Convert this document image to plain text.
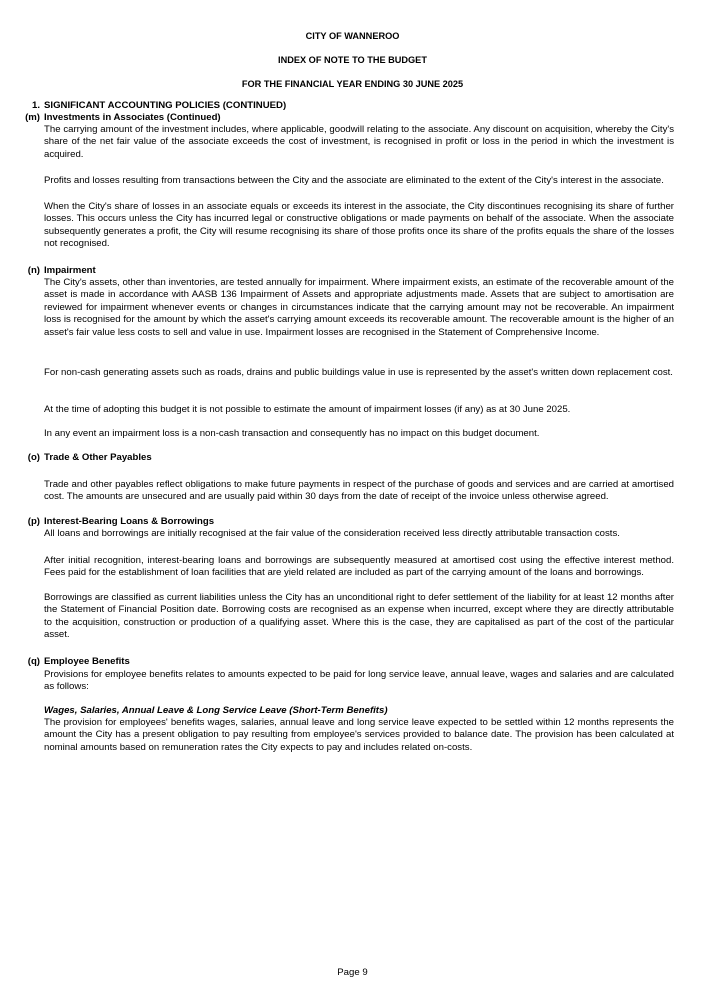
CITY OF WANNEROO
INDEX OF NOTE TO THE BUDGET
FOR THE FINANCIAL YEAR ENDING 30 JUNE 2025
1. SIGNIFICANT ACCOUNTING POLICIES (CONTINUED)
(m) Investments in Associates (Continued)
The carrying amount of the investment includes, where applicable, goodwill relating to the associate. Any discount on acquisition, whereby the City's share of the net fair value of the associate exceeds the cost of investment, is recognised in profit or loss in the period in which the investment is acquired.
Profits and losses resulting from transactions between the City and the associate are eliminated to the extent of the City's interest in the associate.
When the City's share of losses in an associate equals or exceeds its interest in the associate, the City discontinues recognising its share of further losses. This occurs unless the City has incurred legal or constructive obligations or made payments on behalf of the associate. When the associate subsequently generates a profit, the City will resume recognising its share of those profits once its share of the profits equals the share of the losses not recognised.
(n) Impairment
The City's assets, other than inventories, are tested annually for impairment. Where impairment exists, an estimate of the recoverable amount of the asset is made in accordance with AASB 136 Impairment of Assets and appropriate adjustments made. Assets that are subject to amortisation are reviewed for impairment whenever events or changes in circumstances indicate that the carrying amount may not be recoverable. An impairment loss is recognised for the amount by which the asset's carrying amount exceeds its recoverable amount. The recoverable amount is the higher of an asset's fair value less costs to sell and value in use. Impairment losses are recognised in the Statement of Comprehensive Income.
For non-cash generating assets such as roads, drains and public buildings value in use is represented by the asset's written down replacement cost.
At the time of adopting this budget it is not possible to estimate the amount of impairment losses (if any) as at 30 June 2025.
In any event an impairment loss is a non-cash transaction and consequently has no impact on this budget document.
(o) Trade & Other Payables
Trade and other payables reflect obligations to make future payments in respect of the purchase of goods and services and are carried at amortised cost. The amounts are unsecured and are usually paid within 30 days from the date of receipt of the invoice unless otherwise agreed.
(p) Interest-Bearing Loans & Borrowings
All loans and borrowings are initially recognised at the fair value of the consideration received less directly attributable transaction costs.
After initial recognition, interest-bearing loans and borrowings are subsequently measured at amortised cost using the effective interest method. Fees paid for the establishment of loan facilities that are yield related are included as part of the carrying amount of the loans and borrowings.
Borrowings are classified as current liabilities unless the City has an unconditional right to defer settlement of the liability for at least 12 months after the Statement of Financial Position date. Borrowing costs are recognised as an expense when incurred, except where they are directly attributable to the acquisition, construction or production of a qualifying asset. Where this is the case, they are capitalised as part of the cost of the particular asset.
(q) Employee Benefits
Provisions for employee benefits relates to amounts expected to be paid for long service leave, annual leave, wages and salaries and are calculated as follows:
Wages, Salaries, Annual Leave & Long Service Leave (Short-Term Benefits)
The provision for employees' benefits wages, salaries, annual leave and long service leave expected to be settled within 12 months represents the amount the City has a present obligation to pay resulting from employee's services provided to balance date. The provision has been calculated at nominal amounts based on remuneration rates the City expects to pay and includes related on-costs.
Page 9
